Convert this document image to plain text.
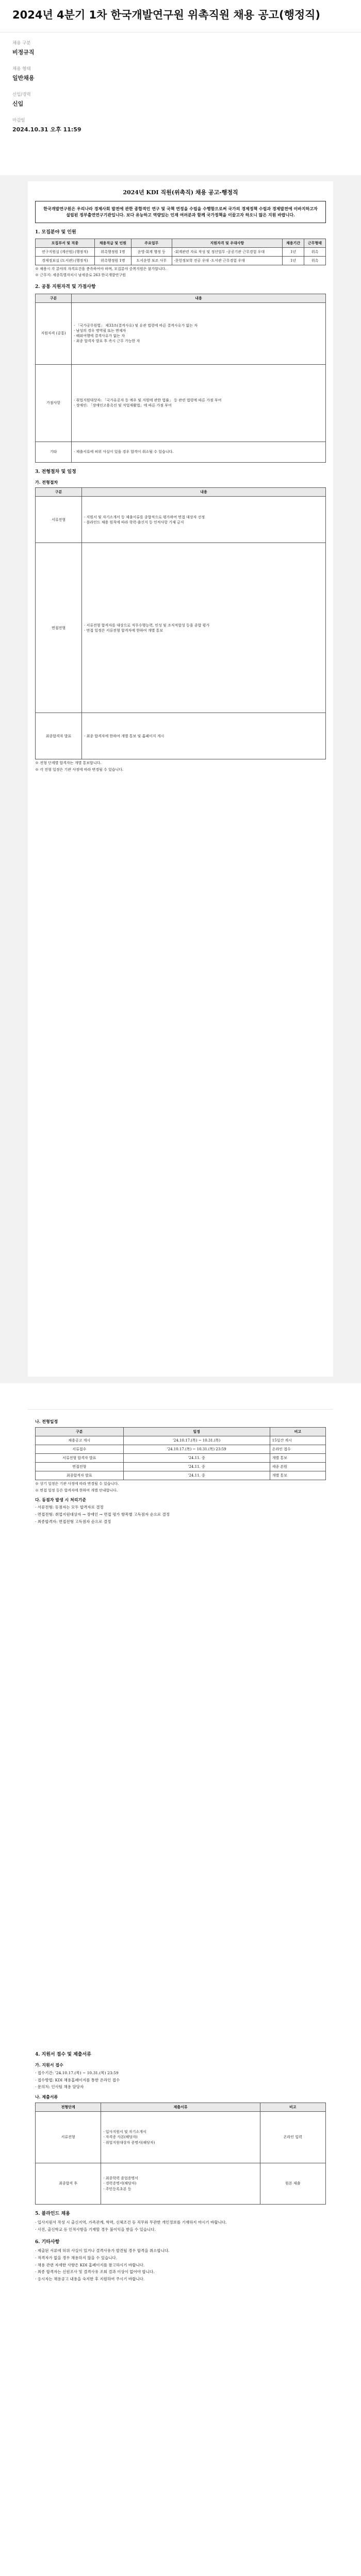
2024년 4분기 1차 한국개발연구원 위촉직원 채용 공고(행정직)
채용 구분
비정규직
채용 형태
일반채용
신입/경력
신입
마감일
2024.10.31 오후 11:59
2024년 KDI 직원(위촉직) 채용 공고-행정직
한국개발연구원은 우리나라 경제사회 발전에 관한 종합적인 연구 및 국책 연정을 수립을 수행함으로써 국가의 경제정책 수립과 경제발전에 이바지하고자 설립된 정부출연연구기관입니다. 보다 유능하고 역량있는 인재 여러분과 함께 국가정책을 이끌고자 하오니 많은 지원 바랍니다.
1. 모집분야 및 인원
모집부서 및 직종	채용직급 및 인원	주요업무	지원자격 및 우대사항	채용기간	근무형태
연구지원실 (계산원) (행정직)	위촉행정원 1명	운영·회계 행정 등	·회계관련 자료 작성 및 정산업무 ·공공기관 근무경험 우대	1년	위촉
경제정보실 (도서관) (행정직)	위촉행정원 1명	도서운영 보조 사무	·문헌정보학 전공 우대 ·도서관 근무경험 우대	1년	위촉

※ 채용시 각 분야의 자격요건을 충족하여야 하며, 모집분야 중복지원은 불가합니다.

※ 근무지: 세종특별자치시 남세종로 263 한국개발연구원

2. 공통 지원자격 및 가점사항
구분	내용
지원자격 (공통)	· 「국가공무원법」 제33조(결격사유) 및 유관 법령에 따른 결격사유가 없는 자
· 남성의 경우 병역필 또는 면제자
· 해외여행에 결격사유가 없는 자
· 최종 합격자 발표 후 즉시 근무 가능한 자
가점사항	· 취업지원대상자: 「국가유공자 등 예우 및 지원에 관한 법률」 등 관련 법령에 따른 가점 부여
· 장애인: 「장애인고용촉진 및 직업재활법」에 따른 가점 부여
기타	· 제출서류에 허위 사실이 있을 경우 합격이 취소될 수 있습니다.
3. 전형절차 및 일정
가. 전형절차
구분	내용
서류전형	· 지원서 및 자기소개서 등 제출서류를 종합적으로 평가하여 면접 대상자 선정
· 블라인드 채용 원칙에 따라 학력·출신지 등 인적사항 기재 금지
면접전형	· 서류전형 합격자를 대상으로 직무수행능력, 인성 및 조직적합성 등을 종합 평가
· 면접 일정은 서류전형 합격자에 한하여 개별 통보
최종합격자 발표	· 최종 합격자에 한하여 개별 통보 및 홈페이지 게시

※ 전형 단계별 합격자는 개별 통보합니다.

※ 각 전형 일정은 기관 사정에 따라 변경될 수 있습니다.

나. 전형일정
구분	일정	비고
채용공고 게시	'24.10.17.(목) ~ 10.31.(목)	15일간 게시
서류접수	'24.10.17.(목) ~ 10.31.(목) 23:59	온라인 접수
서류전형 합격자 발표	'24.11. 중	개별 통보
면접전형	'24.11. 중	세종 본원
최종합격자 발표	'24.11. 중	개별 통보

※ 상기 일정은 기관 사정에 따라 변경될 수 있습니다.

※ 면접 일정 등은 합격자에 한하여 개별 안내합니다.

다. 동점자 발생 시 처리기준

· 서류전형: 동점자는 모두 합격자로 결정

· 면접전형: 취업지원대상자 → 장애인 → 면접 평가 항목별 고득점자 순으로 결정

· 최종합격자: 면접전형 고득점자 순으로 결정

4. 지원서 접수 및 제출서류
가. 지원서 접수

· 접수기간: '24.10.17.(목) ~ 10.31.(목) 23:59

· 접수방법: KDI 채용홈페이지를 통한 온라인 접수

· 문의처: 인사팀 채용 담당자

나. 제출서류
전형단계	제출서류	비고
서류전형	· 입사지원서 및 자기소개서
· 자격증 사본(해당자)
· 취업지원대상자 증명서(해당자)	온라인 입력
최종합격 후	· 최종학력 졸업증명서
· 경력증명서(해당자)
· 주민등록초본 등	원본 제출
5. 블라인드 채용

· 입사지원서 작성 시 출신지역, 가족관계, 학력, 신체조건 등 직무와 무관한 개인정보를 기재하지 마시기 바랍니다.

· 사진, 출신학교 등 인적사항을 기재할 경우 불이익을 받을 수 있습니다.

6. 기타사항

· 제출된 서류에 허위 사실이 있거나 결격사유가 발견될 경우 합격을 취소합니다.

· 적격자가 없을 경우 채용하지 않을 수 있습니다.

· 채용 관련 자세한 사항은 KDI 홈페이지를 참고하시기 바랍니다.

· 최종 합격자는 신원조사 및 결격사유 조회 결과 이상이 없어야 합니다.

· 응시자는 채용공고 내용을 숙지한 후 지원하여 주시기 바랍니다.
